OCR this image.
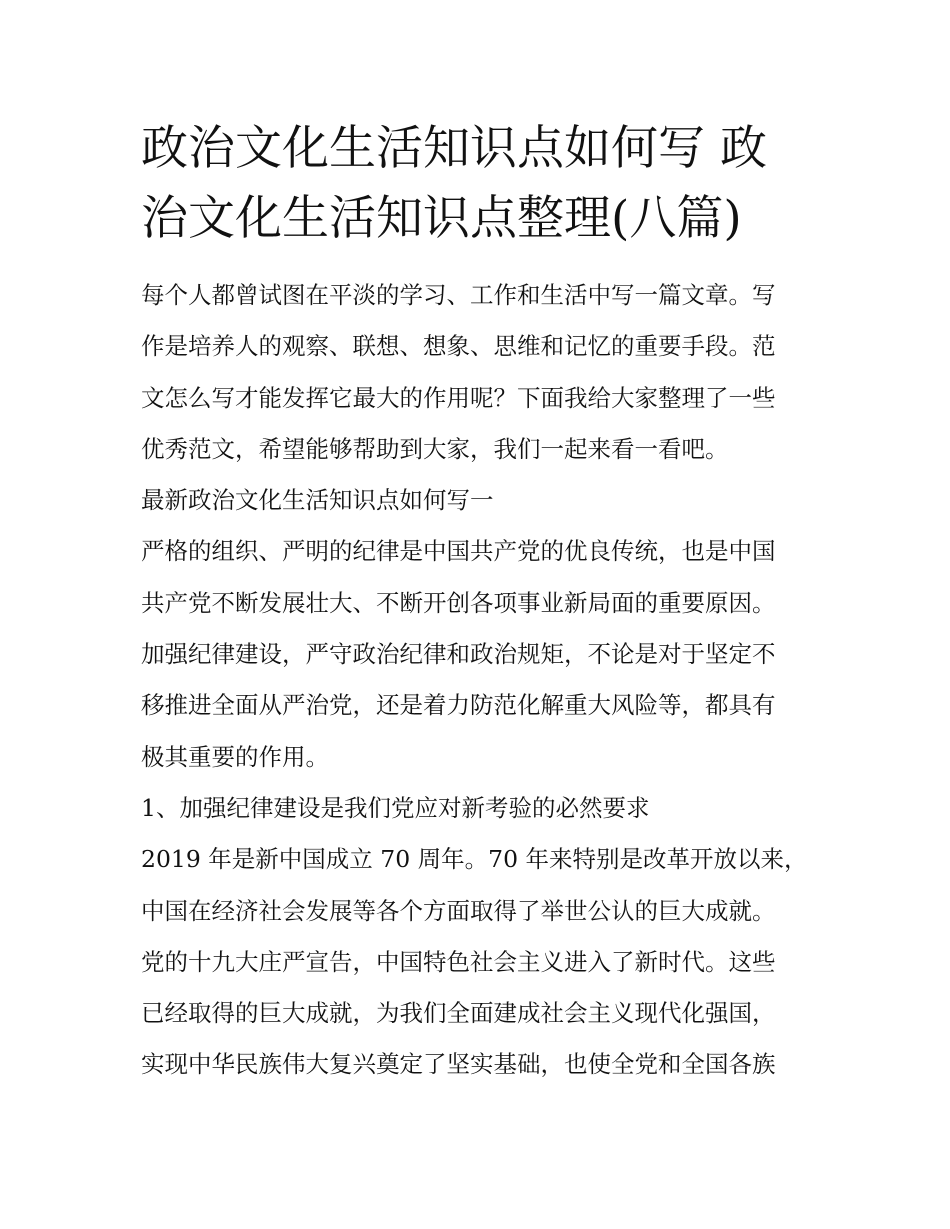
政治文化生活知识点如何写 政
治文化生活知识点整理(八篇)
每个人都曾试图在平淡的学习、工作和生活中写一篇文章。写
作是培养人的观察、联想、想象、思维和记忆的重要手段。范
文怎么写才能发挥它最大的作用呢？下面我给大家整理了一些
优秀范文，希望能够帮助到大家，我们一起来看一看吧。
最新政治文化生活知识点如何写一
严格的组织、严明的纪律是中国共产党的优良传统，也是中国
共产党不断发展壮大、不断开创各项事业新局面的重要原因。
加强纪律建设，严守政治纪律和政治规矩，不论是对于坚定不
移推进全面从严治党，还是着力防范化解重大风险等，都具有
极其重要的作用。
1、加强纪律建设是我们党应对新考验的必然要求
2019 年是新中国成立 70 周年。70 年来特别是改革开放以来，
中国在经济社会发展等各个方面取得了举世公认的巨大成就。
党的十九大庄严宣告，中国特色社会主义进入了新时代。这些
已经取得的巨大成就，为我们全面建成社会主义现代化强国，
实现中华民族伟大复兴奠定了坚实基础，也使全党和全国各族
